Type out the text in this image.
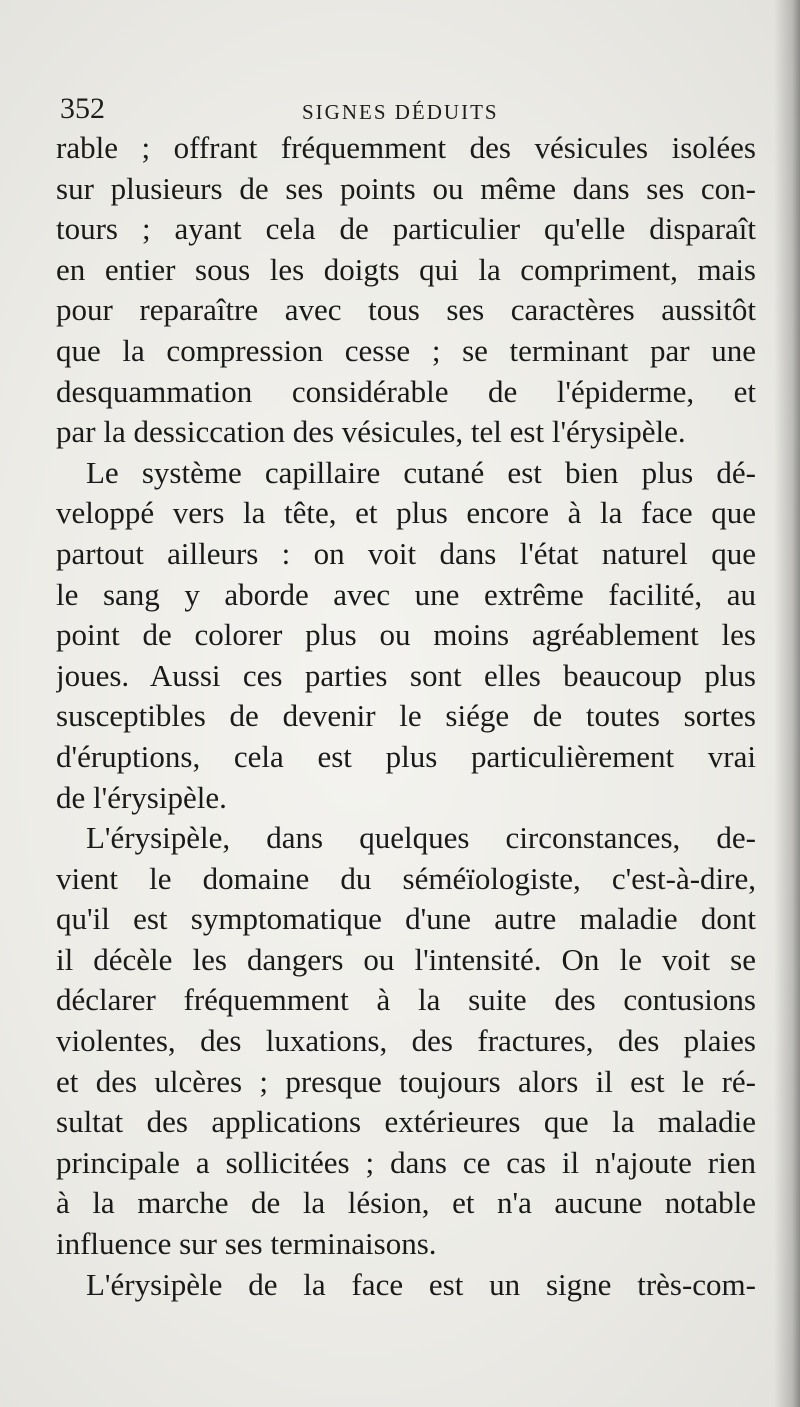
352	SIGNES DÉDUITS
rable ; offrant fréquemment des vésicules isolées
sur plusieurs de ses points ou même dans ses con-
tours ; ayant cela de particulier qu'elle disparaît
en entier sous les doigts qui la compriment, mais
pour reparaître avec tous ses caractères aussitôt
que la compression cesse ; se terminant par une
desquammation considérable de l'épiderme, et
par la dessiccation des vésicules, tel est l'érysipèle.
Le système capillaire cutané est bien plus dé-
veloppé vers la tête, et plus encore à la face que
partout ailleurs : on voit dans l'état naturel que
le sang y aborde avec une extrême facilité, au
point de colorer plus ou moins agréablement les
joues. Aussi ces parties sont elles beaucoup plus
susceptibles de devenir le siége de toutes sortes
d'éruptions, cela est plus particulièrement vrai
de l'érysipèle.
L'érysipèle, dans quelques circonstances, de-
vient le domaine du séméïologiste, c'est-à-dire,
qu'il est symptomatique d'une autre maladie dont
il décèle les dangers ou l'intensité. On le voit se
déclarer fréquemment à la suite des contusions
violentes, des luxations, des fractures, des plaies
et des ulcères ; presque toujours alors il est le ré-
sultat des applications extérieures que la maladie
principale a sollicitées ; dans ce cas il n'ajoute rien
à la marche de la lésion, et n'a aucune notable
influence sur ses terminaisons.
L'érysipèle de la face est un signe très-com-
